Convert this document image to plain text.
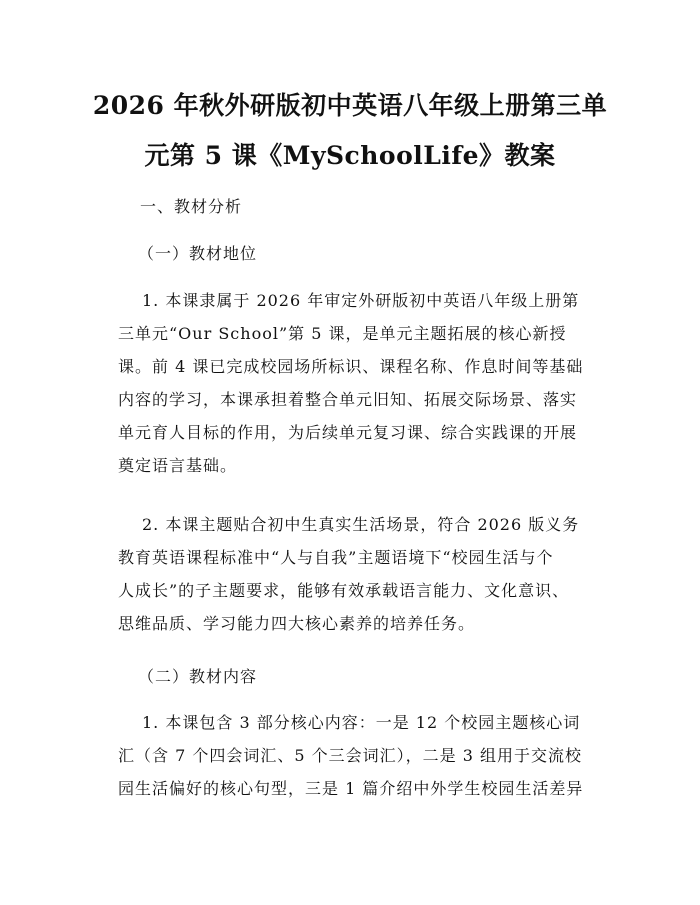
2026 年秋外研版初中英语八年级上册第三单
元第 5 课《MySchoolLife》教案
一、教材分析
（一）教材地位
1. 本课隶属于 2026 年审定外研版初中英语八年级上册第
三单元“Our School”第 5 课，是单元主题拓展的核心新授
课。前 4 课已完成校园场所标识、课程名称、作息时间等基础
内容的学习，本课承担着整合单元旧知、拓展交际场景、落实
单元育人目标的作用，为后续单元复习课、综合实践课的开展
奠定语言基础。
2. 本课主题贴合初中生真实生活场景，符合 2026 版义务
教育英语课程标准中“人与自我”主题语境下“校园生活与个
人成长”的子主题要求，能够有效承载语言能力、文化意识、
思维品质、学习能力四大核心素养的培养任务。
（二）教材内容
1. 本课包含 3 部分核心内容：一是 12 个校园主题核心词
汇（含 7 个四会词汇、5 个三会词汇），二是 3 组用于交流校
园生活偏好的核心句型，三是 1 篇介绍中外学生校园生活差异
